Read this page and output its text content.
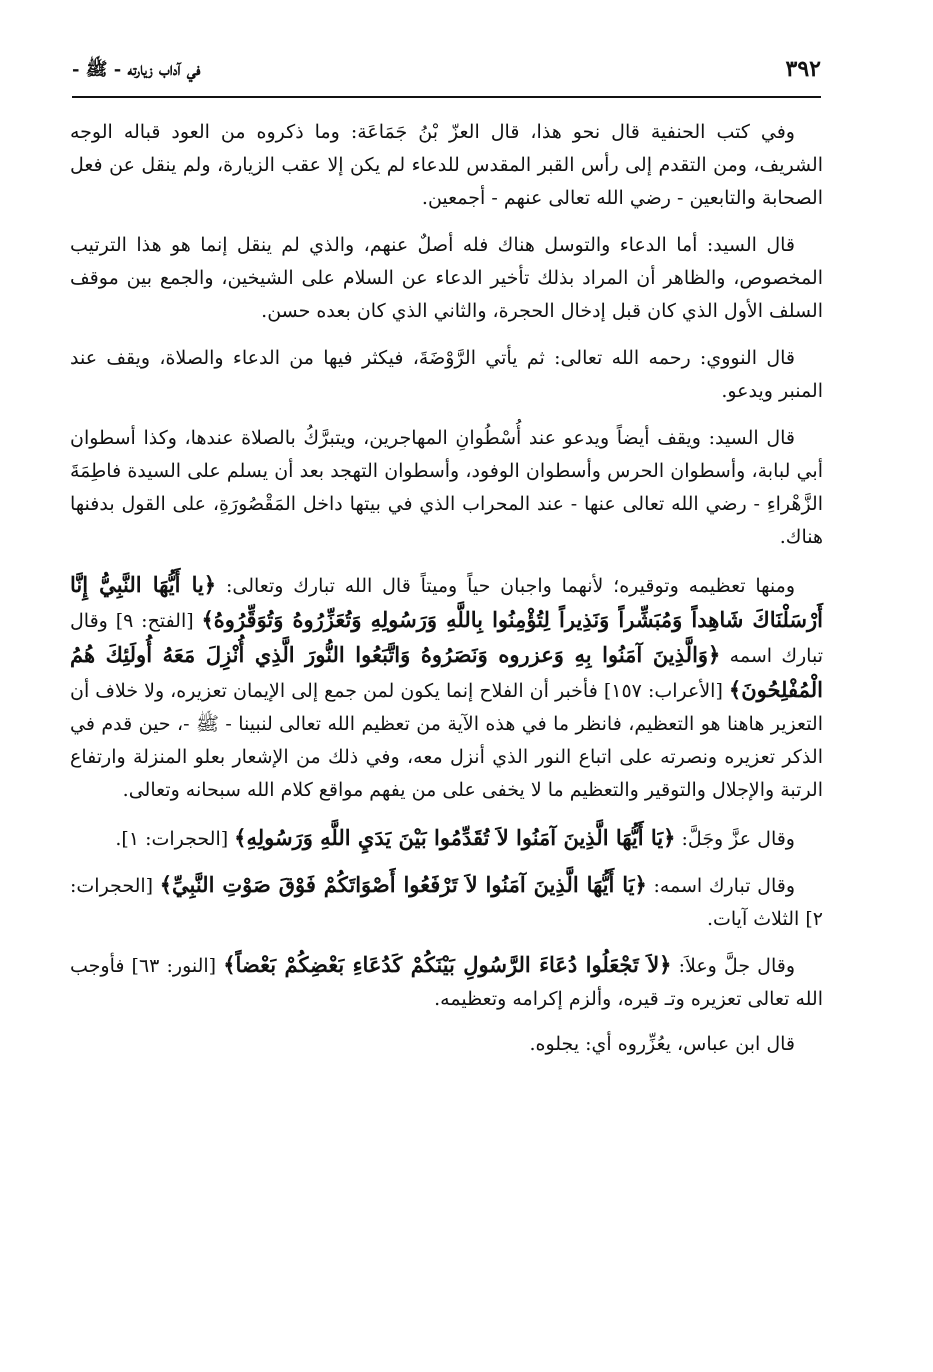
٣٩٢
في آداب زيارته - ﷺ -

وفي كتب الحنفية قال نحو هذا، قال العزّ بْنُ جَمَاعَة: وما ذكروه من العود قباله الوجه الشريف، ومن التقدم إلى رأس القبر المقدس للدعاء لم يكن إلا عقب الزيارة، ولم ينقل عن فعل الصحابة والتابعين - رضي الله تعالى عنهم - أجمعين.

قال السيد: أما الدعاء والتوسل هناك فله أصلٌ عنهم، والذي لم ينقل إنما هو هذا الترتيب المخصوص، والظاهر أن المراد بذلك تأخير الدعاء عن السلام على الشيخين، والجمع بين موقف السلف الأول الذي كان قبل إدخال الحجرة، والثاني الذي كان بعده حسن.

قال النووي: رحمه الله تعالى: ثم يأتي الرَّوْضَةَ، فيكثر فيها من الدعاء والصلاة، ويقف عند المنبر ويدعو.

قال السيد: ويقف أيضاً ويدعو عند أُسْطُوانِ المهاجرين، ويتبرَّكُ بالصلاة عندها، وكذا أسطوان أبي لبابة، وأسطوان الحرس وأسطوان الوفود، وأسطوان التهجد بعد أن يسلم على السيدة فاطِمَةَ الزَّهْراءِ - رضي الله تعالى عنها - عند المحراب الذي في بيتها داخل المَقْصُورَةِ، على القول بدفنها هناك.

ومنها تعظيمه وتوقيره؛ لأنهما واجبان حياً وميتاً قال الله تبارك وتعالى: ﴿يا أَيُّهَا النَّبِيُّ إِنَّا أَرْسَلْنَاكَ شَاهِداً وَمُبَشِّراً وَنَذِيراً لِتُؤْمِنُوا بِاللَّهِ وَرَسُولِهِ وَتُعَزِّرُوهُ وَتُوَقِّرُوهُ﴾ [الفتح: ٩] وقال تبارك اسمه ﴿وَالَّذِينَ آمَنُوا بِهِ وَعزروه وَنَصَرُوهُ وَاتَّبَعُوا النُّورَ الَّذِي أُنْزِلَ مَعَهُ أُولَئِكَ هُمُ الْمُفْلِحُونَ﴾ [الأعراب: ١٥٧] فأخبر أن الفلاح إنما يكون لمن جمع إلى الإيمان تعزيره، ولا خلاف أن التعزير هاهنا هو التعظيم، فانظر ما في هذه الآية من تعظيم الله تعالى لنبينا - ﷺ -، حين قدم في الذكر تعزيره ونصرته على اتباع النور الذي أنزل معه، وفي ذلك من الإشعار بعلو المنزلة وارتفاع الرتبة والإجلال والتوقير والتعظيم ما لا يخفى على من يفهم مواقع كلام الله سبحانه وتعالى.

وقال عزَّ وجَلَّ: ﴿يَا أَيُّهَا الَّذِينَ آمَنُوا لاَ تُقَدِّمُوا بَيْنَ يَدَيِ اللَّهِ وَرَسُولِهِ﴾ [الحجرات: ١].

وقال تبارك اسمه: ﴿يَا أَيُّهَا الَّذِينَ آمَنُوا لاَ تَرْفَعُوا أَصْوَاتَكُمْ فَوْقَ صَوْتِ النَّبِيِّ﴾ [الحجرات: ٢] الثلاث آيات.

وقال جلَّ وعلاَ: ﴿لاَ تَجْعَلُوا دُعَاءَ الرَّسُولِ بَيْنَكُمْ كَدُعَاءِ بَعْضِكُمْ بَعْضاً﴾ [النور: ٦٣] فأوجب الله تعالى تعزيره وتـ قيره، وألزم إكرامه وتعظيمه.

قال ابن عباس، يعُزِّروه أي: يجلوه.
